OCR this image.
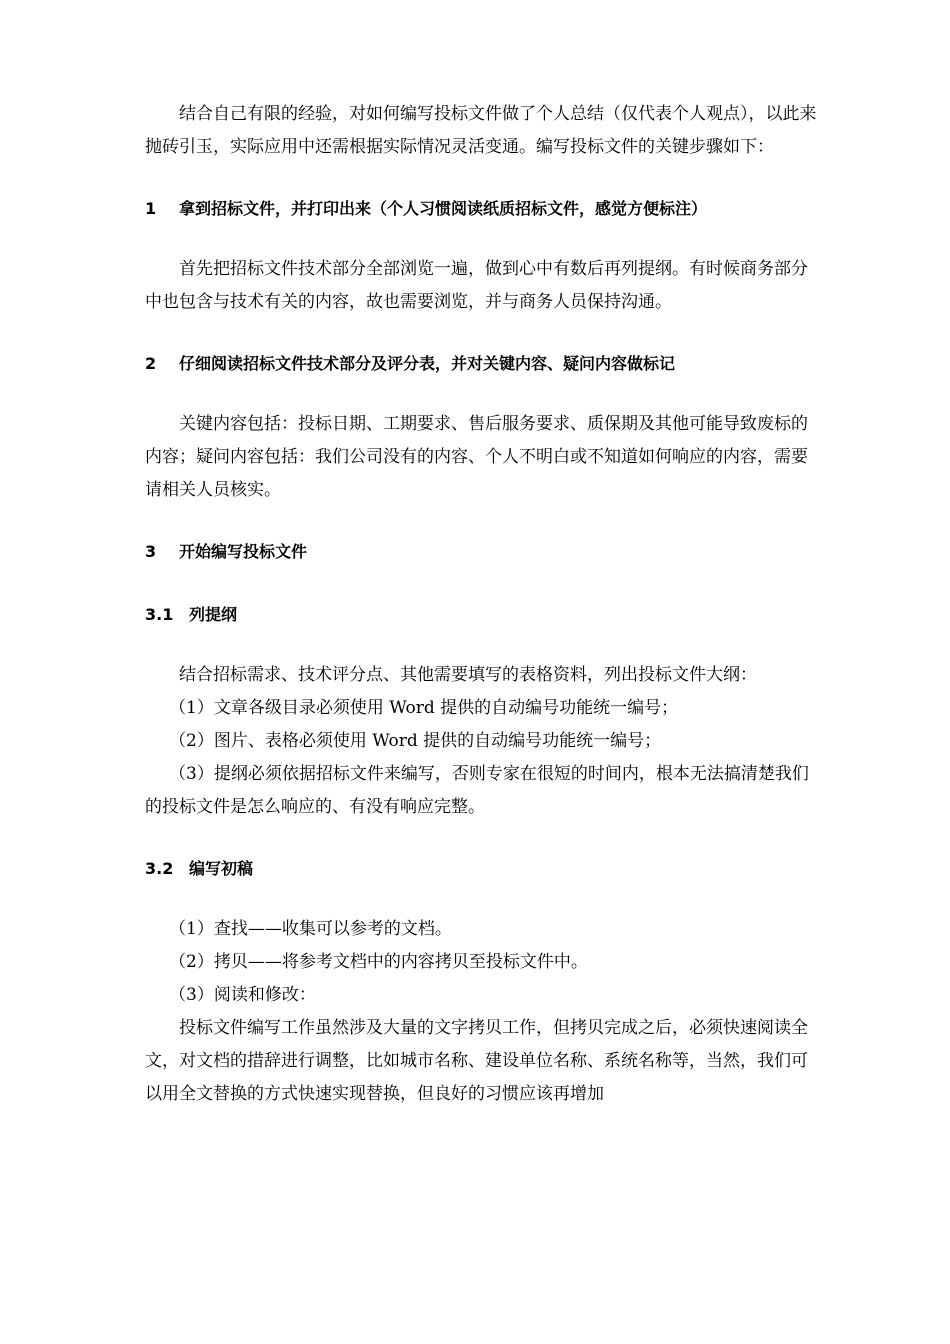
结合自己有限的经验，对如何编写投标文件做了个人总结（仅代表个人观点），以此来抛砖引玉，实际应用中还需根据实际情况灵活变通。编写投标文件的关键步骤如下：

1 拿到招标文件，并打印出来（个人习惯阅读纸质招标文件，感觉方便标注）

首先把招标文件技术部分全部浏览一遍，做到心中有数后再列提纲。有时候商务部分中也包含与技术有关的内容，故也需要浏览，并与商务人员保持沟通。

2 仔细阅读招标文件技术部分及评分表，并对关键内容、疑问内容做标记

关键内容包括：投标日期、工期要求、售后服务要求、质保期及其他可能导致废标的内容；疑问内容包括：我们公司没有的内容、个人不明白或不知道如何响应的内容，需要请相关人员核实。

3 开始编写投标文件
3.1 列提纲

结合招标需求、技术评分点、其他需要填写的表格资料，列出投标文件大纲：

（1）文章各级目录必须使用 Word 提供的自动编号功能统一编号；

（2）图片、表格必须使用 Word 提供的自动编号功能统一编号；

（3）提纲必须依据招标文件来编写，否则专家在很短的时间内，根本无法搞清楚我们的投标文件是怎么响应的、有没有响应完整。

3.2 编写初稿

（1）查找——收集可以参考的文档。

（2）拷贝——将参考文档中的内容拷贝至投标文件中。

（3）阅读和修改：

投标文件编写工作虽然涉及大量的文字拷贝工作，但拷贝完成之后，必须快速阅读全文，对文档的措辞进行调整，比如城市名称、建设单位名称、系统名称等，当然，我们可以用全文替换的方式快速实现替换，但良好的习惯应该再增加
